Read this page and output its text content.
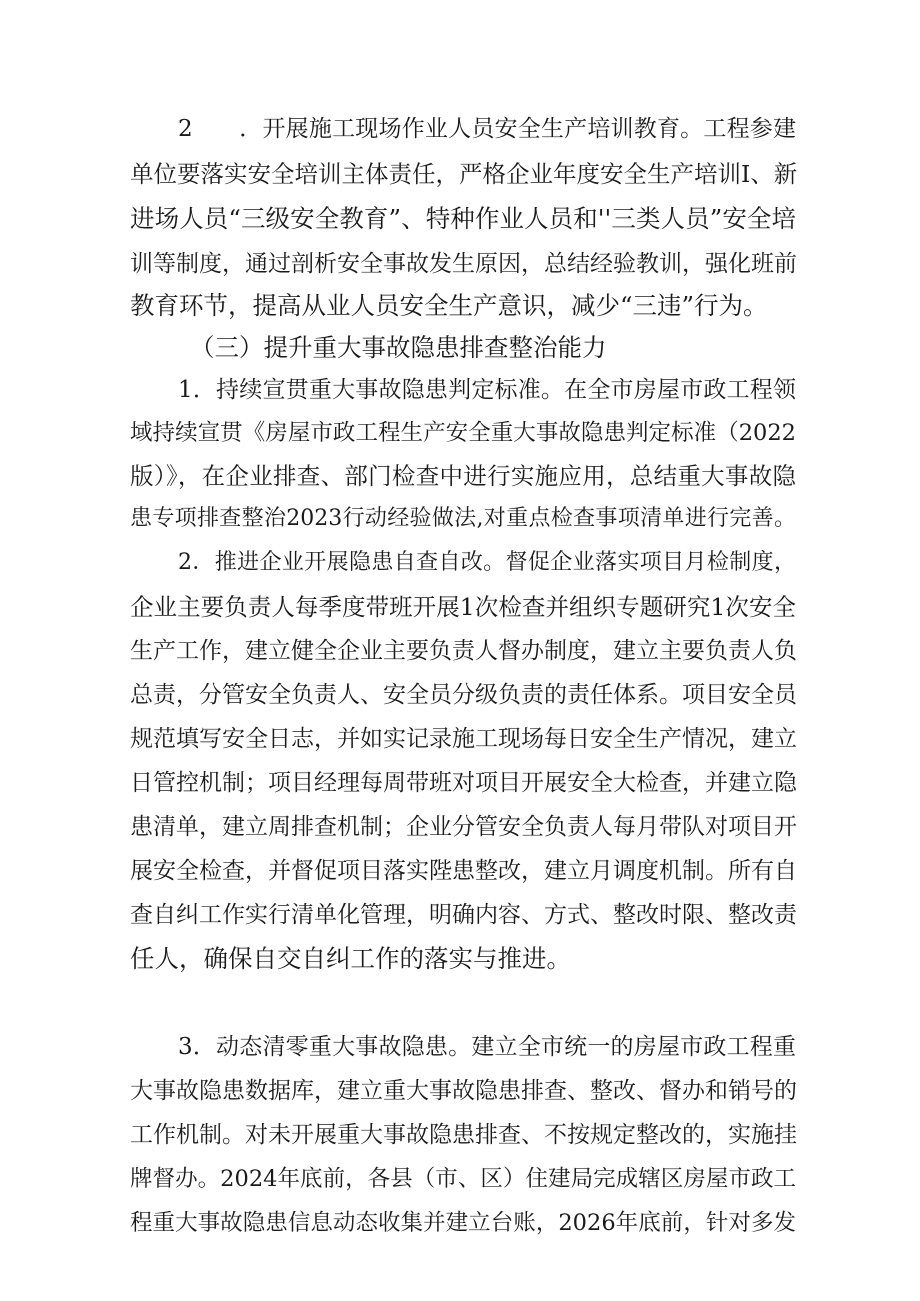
2　　．开展施工现场作业人员安全生产培训教育。工程参建
单位要落实安全培训主体责任，严格企业年度安全生产培训I、新
进场人员“三级安全教育”、特种作业人员和''三类人员”安全培
训等制度，通过剖析安全事故发生原因，总结经验教训，强化班前
教育环节，提高从业人员安全生产意识，减少“三违”行为。
（三）提升重大事故隐患排查整治能力
1．持续宣贯重大事故隐患判定标准。在全市房屋市政工程领
域持续宣贯《房屋市政工程生产安全重大事故隐患判定标准（2022
版）》，在企业排查、部门检查中进行实施应用，总结重大事故隐
患专项排查整治2023行动经验做法,对重点检查事项清单进行完善。
2．推进企业开展隐患自查自改。督促企业落实项目月检制度，
企业主要负责人每季度带班开展1次检查并组织专题研究1次安全
生产工作，建立健全企业主要负责人督办制度，建立主要负责人负
总责，分管安全负责人、安全员分级负责的责任体系。项目安全员
规范填写安全日志，并如实记录施工现场每日安全生产情况，建立
日管控机制；项目经理每周带班对项目开展安全大检查，并建立隐
患清单，建立周排查机制；企业分管安全负责人每月带队对项目开
展安全检查，并督促项目落实陛患整改，建立月调度机制。所有自
查自纠工作实行清单化管理，明确内容、方式、整改时限、整改责
任人，确保自交自纠工作的落实与推进。
3．动态清零重大事故隐患。建立全市统一的房屋市政工程重
大事故隐患数据库，建立重大事故隐患排查、整改、督办和销号的
工作机制。对未开展重大事故隐患排查、不按规定整改的，实施挂
牌督办。2024年底前，各县（市、区）住建局完成辖区房屋市政工
程重大事故隐患信息动态收集并建立台账，2026年底前，针对多发
